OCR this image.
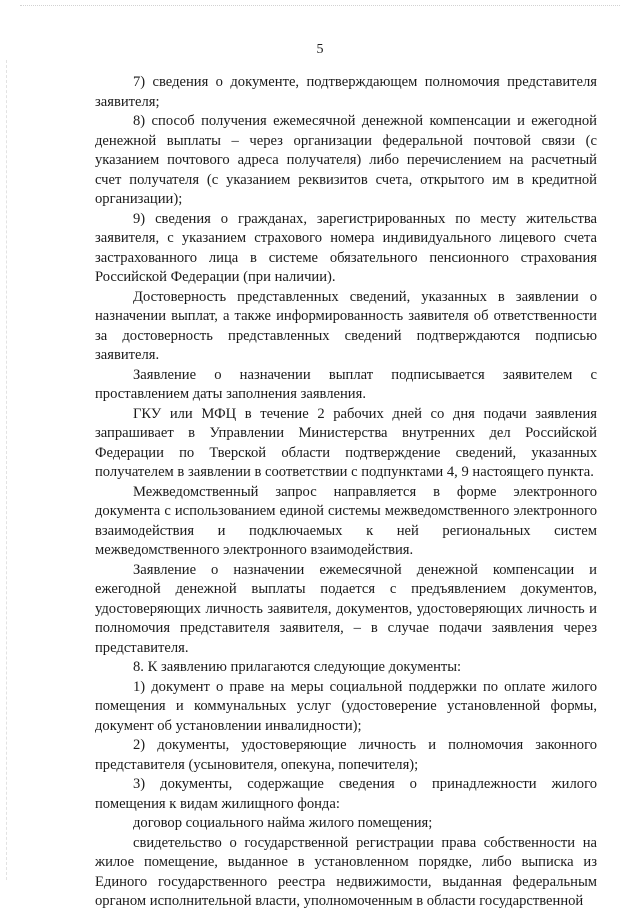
5

7) сведения о документе, подтверждающем полномочия представителя заявителя;

8) способ получения ежемесячной денежной компенсации и ежегодной денежной выплаты – через организации федеральной почтовой связи (с указанием почтового адреса получателя) либо перечислением на расчетный счет получателя (с указанием реквизитов счета, открытого им в кредитной организации);

9) сведения о гражданах, зарегистрированных по месту жительства заявителя, с указанием страхового номера индивидуального лицевого счета застрахованного лица в системе обязательного пенсионного страхования Российской Федерации (при наличии).

Достоверность представленных сведений, указанных в заявлении о назначении выплат, а также информированность заявителя об ответственности за достоверность представленных сведений подтверждаются подписью заявителя.

Заявление о назначении выплат подписывается заявителем с проставлением даты заполнения заявления.

ГКУ или МФЦ в течение 2 рабочих дней со дня подачи заявления запрашивает в Управлении Министерства внутренних дел Российской Федерации по Тверской области подтверждение сведений, указанных получателем в заявлении в соответствии с подпунктами 4, 9 настоящего пункта.

Межведомственный запрос направляется в форме электронного документа с использованием единой системы межведомственного электронного взаимодействия и подключаемых к ней региональных систем межведомственного электронного взаимодействия.

Заявление о назначении ежемесячной денежной компенсации и ежегодной денежной выплаты подается с предъявлением документов, удостоверяющих личность заявителя, документов, удостоверяющих личность и полномочия представителя заявителя, – в случае подачи заявления через представителя.

8. К заявлению прилагаются следующие документы:

1) документ о праве на меры социальной поддержки по оплате жилого помещения и коммунальных услуг (удостоверение установленной формы, документ об установлении инвалидности);

2) документы, удостоверяющие личность и полномочия законного представителя (усыновителя, опекуна, попечителя);

3) документы, содержащие сведения о принадлежности жилого помещения к видам жилищного фонда:

договор социального найма жилого помещения;

свидетельство о государственной регистрации права собственности на жилое помещение, выданное в установленном порядке, либо выписка из Единого государственного реестра недвижимости, выданная федеральным органом исполнительной власти, уполномоченным в области государственной
